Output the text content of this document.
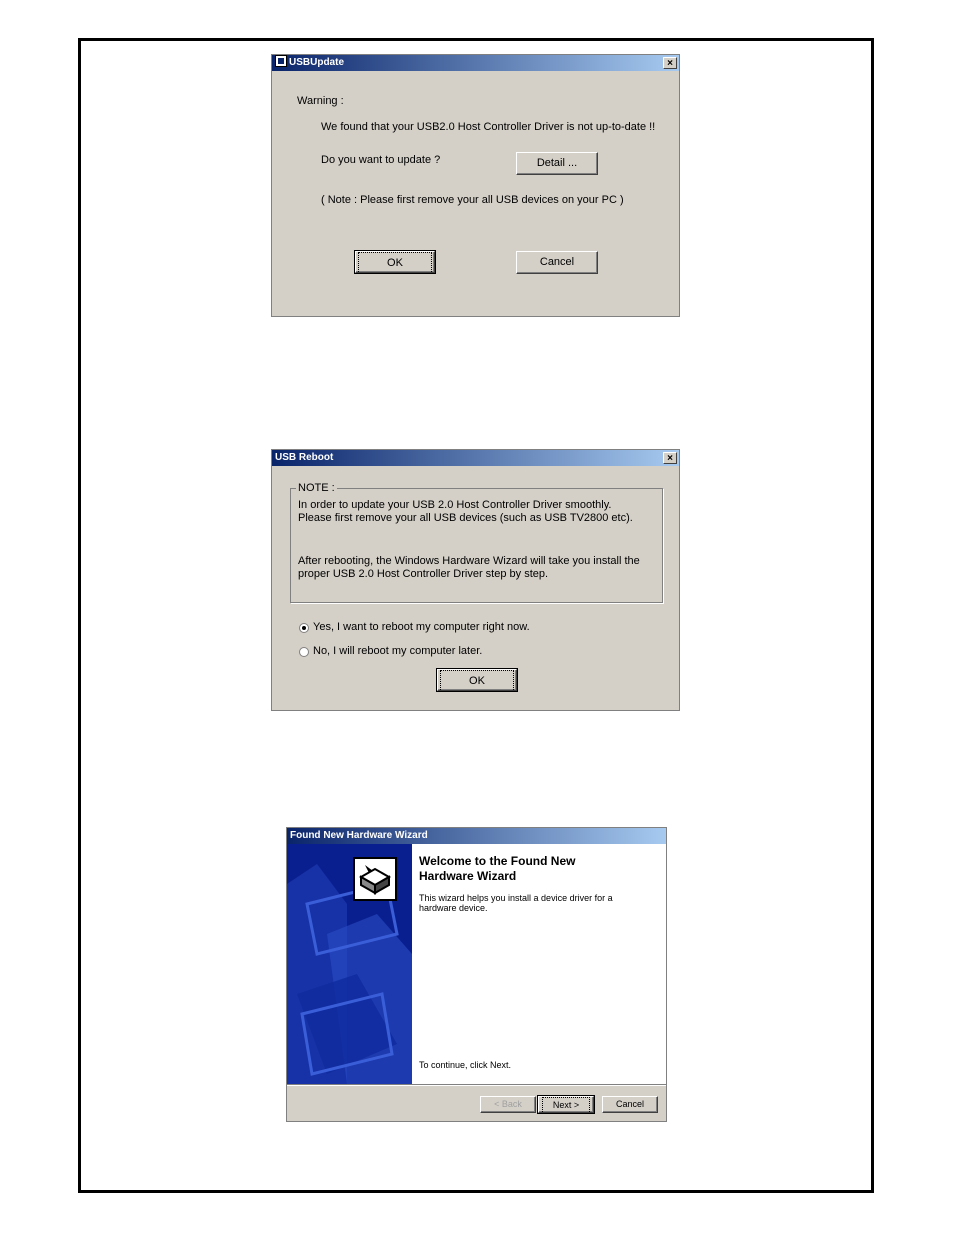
USBUpdate	×
Warning :
We found that your USB2.0 Host Controller Driver is not up-to-date !!
Do you want to update ?	Detail ...
( Note : Please first remove your all USB devices on your PC )
OK	Cancel
USB Reboot	×
NOTE :
In order to update your USB 2.0 Host Controller Driver smoothly.
Please first remove your all USB devices (such as USB TV2800 etc).
After rebooting, the Windows Hardware Wizard will take you install the
proper USB 2.0 Host Controller Driver step by step.
Yes, I want to reboot my computer right now.
No, I will reboot my computer later.
OK
Found New Hardware Wizard
Welcome to the Found New
Hardware Wizard
This wizard helps you install a device driver for a
hardware device.
To continue, click Next.
< Back	Next >	Cancel
